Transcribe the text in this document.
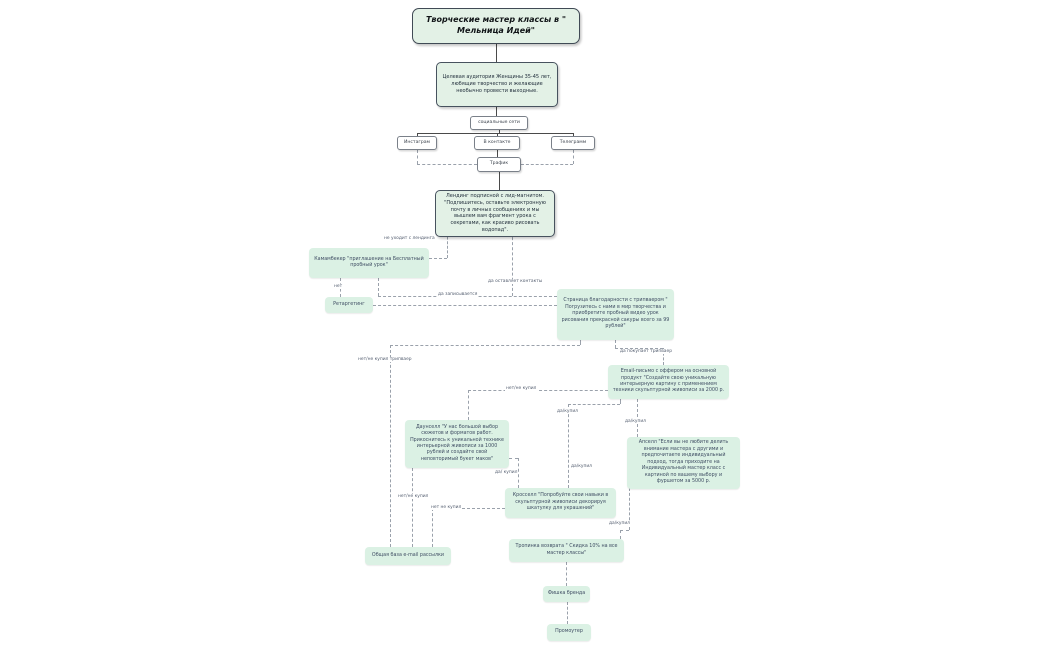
Творческие мастер классы в " Мельница Идей"
Целевая аудитория Женщины 35-45 лет, любящие творчество и желающие необычно провести выходные.
социальные сети
Инстаграм	В контакте	Телеграмм
Трафик
Лендинг подписной с лид-магнитом. "Подпишитесь, оставьте электронную почту в личных сообщениях и мы вышлем вам фрагмент урока с секретами, как красиво рисовать водопад".
Камамбекер "приглашение на Бесплатный пробный урок"
Ретаргетинг
Страница благодарности с трипваером " Погрузитесь с нами в мир творчества и приобретите пробный видео урок рисования прекрасной сакуры всего за 99 рублей"
Email-письмо с оффером на основной продукт "Создайте свою уникальную интерьерную картину с применением техники скульптурной живописи за 2000 р.
Даунселл "У нас большой выбор сюжетов и форматов работ. Прикоснитесь к уникальной технике интерьерной живописи за 1000 рублей и создайте свой неповторимый букет маков"
Апселл "Если вы не любите делить внимание мастера с другими и предпочитаете индивидуальный подход, тогда приходите на Индивидуальный мастер класс с картиной по вашему выбору и фуршетом за 5000 р.
Кросселл "Попробуйте свои навыки в скульптурной живописи декорируя шкатулку для украшений"
Общая база e-mail рассылки
Тропинка возврата " Скидка 10% на все мастер классы"
Фишка бренда
Промоутер
не уходит с лендинга
нет
да оставляет контакты
да записывается
да покупает трипваер
нет/не купил трипваер
нет/не купил
да/купил
да/купил
да/ купил
да/купил
нет/не купил
нет не купил
да/купил
